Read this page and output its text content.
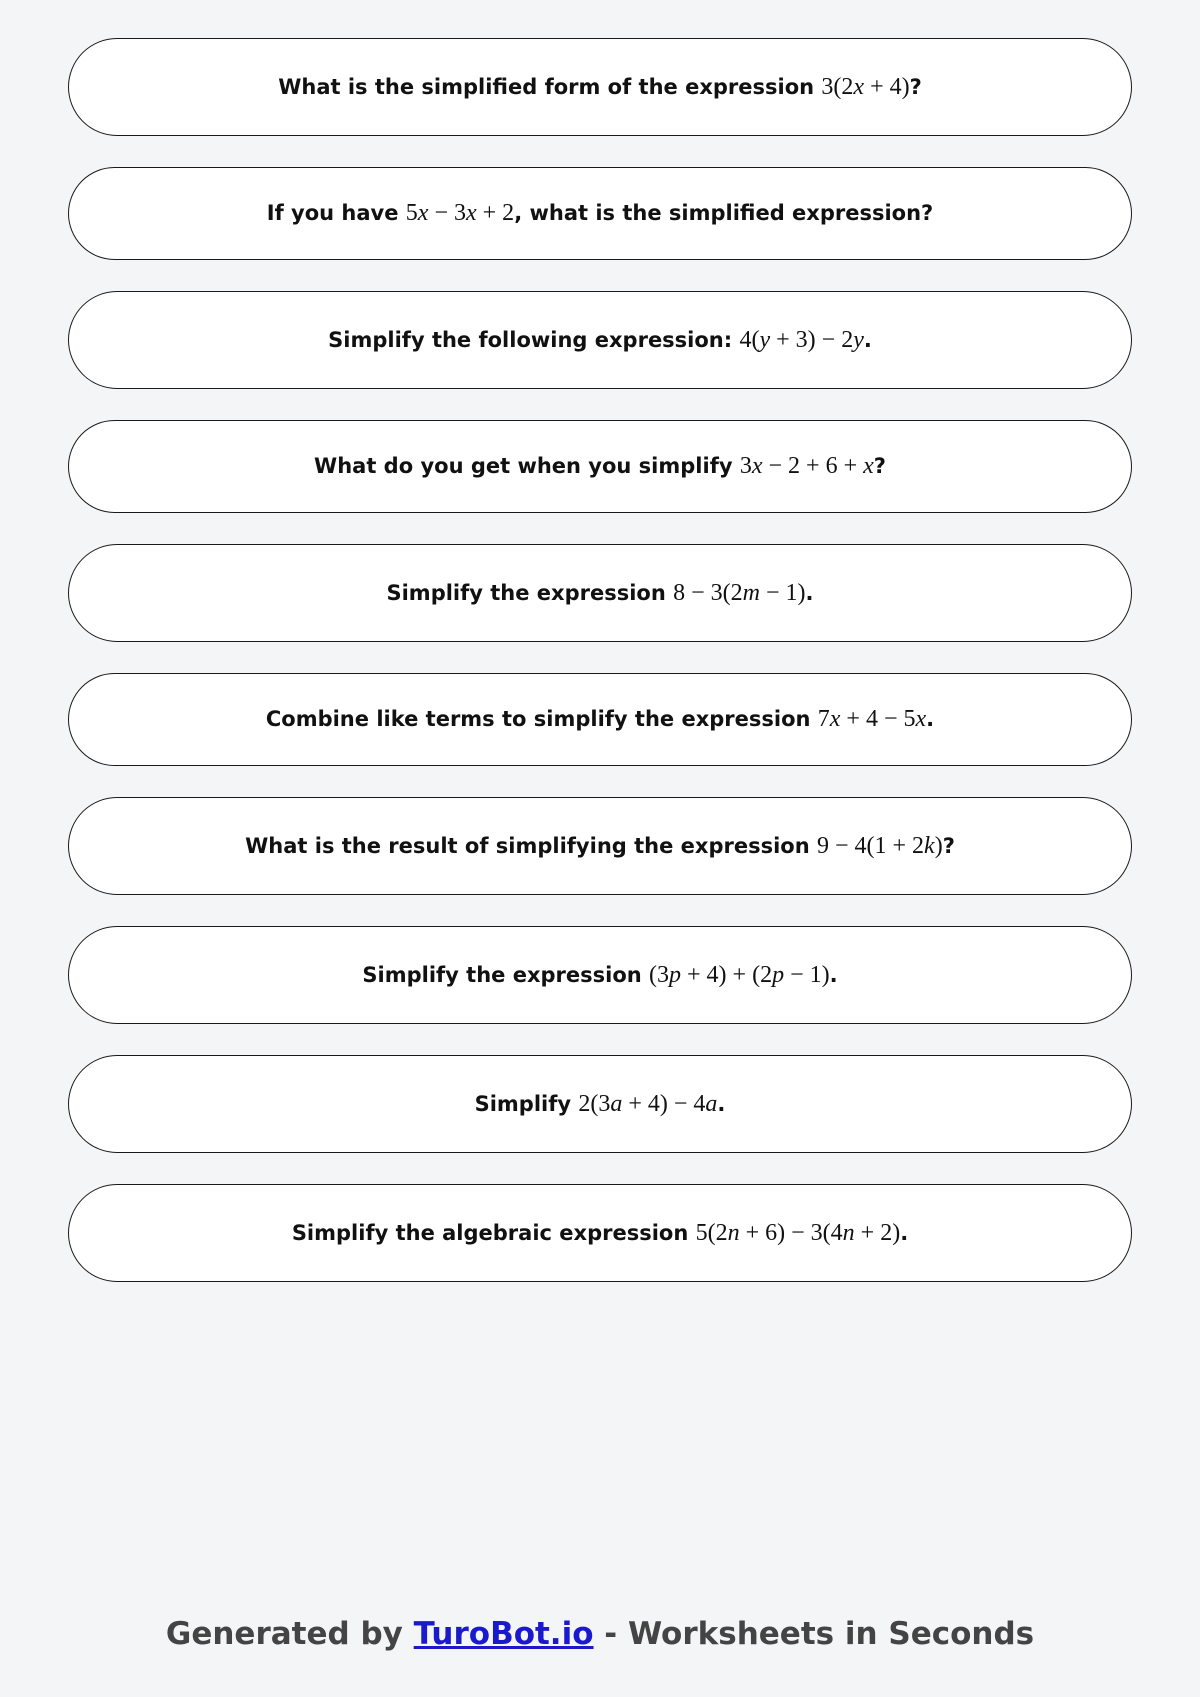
What is the simplified form of the expression 3(2x + 4)?
If you have 5x − 3x + 2, what is the simplified expression?
Simplify the following expression: 4(y + 3) − 2y.
What do you get when you simplify 3x − 2 + 6 + x?
Simplify the expression 8 − 3(2m − 1).
Combine like terms to simplify the expression 7x + 4 − 5x.
What is the result of simplifying the expression 9 − 4(1 + 2k)?
Simplify the expression (3p + 4) + (2p − 1).
Simplify 2(3a + 4) − 4a.
Simplify the algebraic expression 5(2n + 6) − 3(4n + 2).
Generated by TuroBot.io - Worksheets in Seconds
